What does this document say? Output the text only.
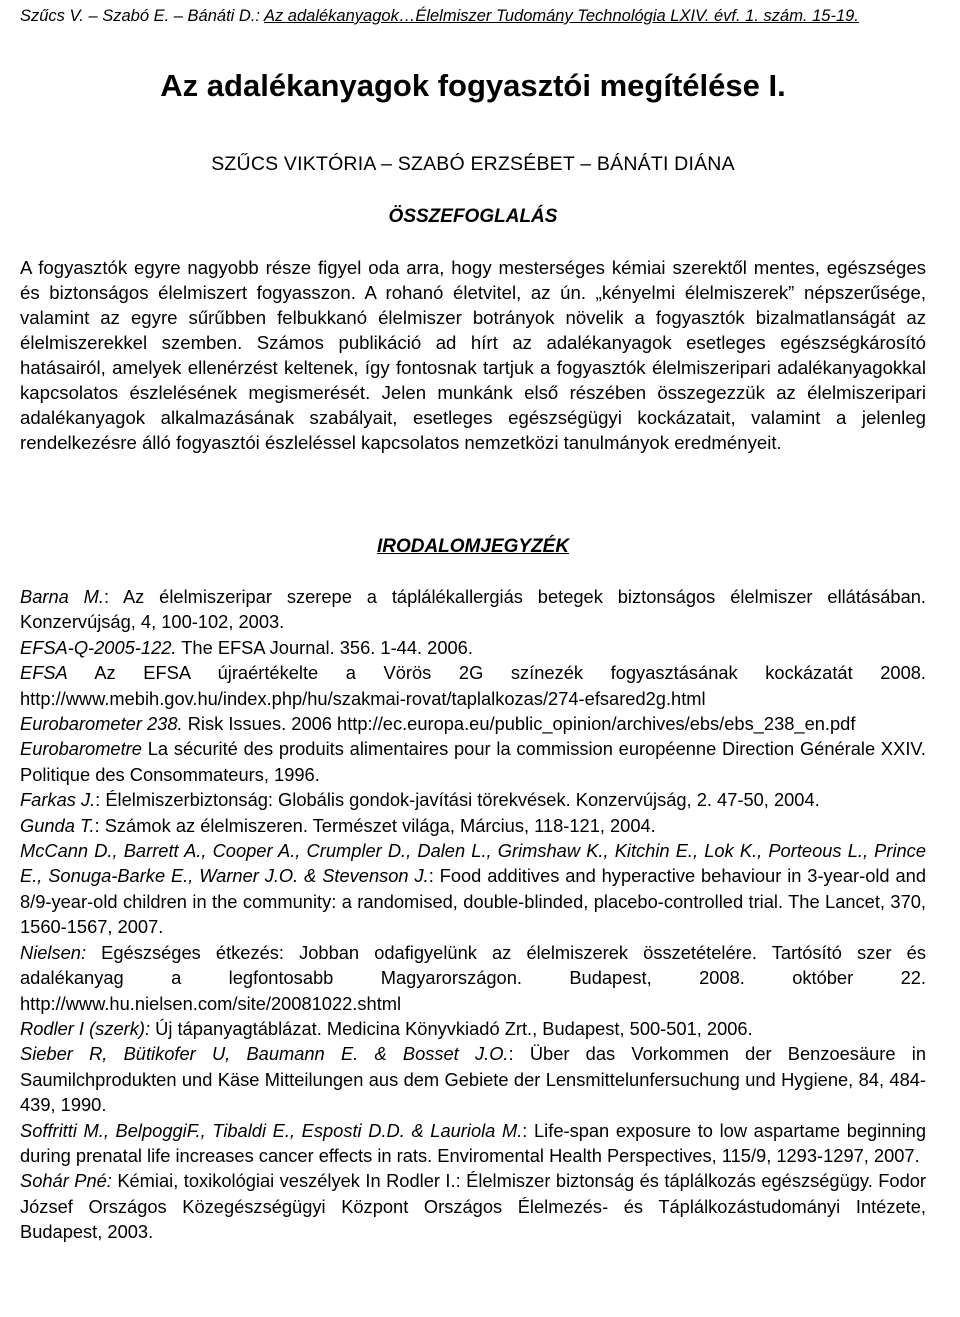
Szűcs V. – Szabó E. – Bánáti D.: Az adalékanyagok…Élelmiszer Tudomány Technológia LXIV. évf. 1. szám. 15-19.
Az adalékanyagok fogyasztói megítélése I.
SZŰCS VIKTÓRIA – SZABÓ ERZSÉBET – BÁNÁTI DIÁNA
ÖSSZEFOGLALÁS

A fogyasztók egyre nagyobb része figyel oda arra, hogy mesterséges kémiai szerektől mentes, egészséges és biztonságos élelmiszert fogyasszon. A rohanó életvitel, az ún. „kényelmi élelmiszerek” népszerűsége, valamint az egyre sűrűbben felbukkanó élelmiszer botrányok növelik a fogyasztók bizalmatlanságát az élelmiszerekkel szemben. Számos publikáció ad hírt az adalékanyagok esetleges egészségkárosító hatásairól, amelyek ellenérzést keltenek, így fontosnak tartjuk a fogyasztók élelmiszeripari adalékanyagokkal kapcsolatos észlelésének megismerését. Jelen munkánk első részében összegezzük az élelmiszeripari adalékanyagok alkalmazásának szabályait, esetleges egészségügyi kockázatait, valamint a jelenleg rendelkezésre álló fogyasztói észleléssel kapcsolatos nemzetközi tanulmányok eredményeit.

IRODALOMJEGYZÉK

Barna M.: Az élelmiszeripar szerepe a táplálékallergiás betegek biztonságos élelmiszer ellátásában. Konzervújság, 4, 100-102, 2003.

EFSA-Q-2005-122. The EFSA Journal. 356. 1-44. 2006.

EFSA Az EFSA újraértékelte a Vörös 2G színezék fogyasztásának kockázatát 2008. http://www.mebih.gov.hu/index.php/hu/szakmai-rovat/taplalkozas/274-efsared2g.html

Eurobarometer 238. Risk Issues. 2006 http://ec.europa.eu/public_opinion/archives/ebs/ebs_238_en.pdf

Eurobarometre La sécurité des produits alimentaires pour la commission européenne Direction Générale XXIV. Politique des Consommateurs, 1996.

Farkas J.: Élelmiszerbiztonság: Globális gondok-javítási törekvések. Konzervújság, 2. 47-50, 2004.

Gunda T.: Számok az élelmiszeren. Természet világa, Március, 118-121, 2004.

McCann D., Barrett A., Cooper A., Crumpler D., Dalen L., Grimshaw K., Kitchin E., Lok K., Porteous L., Prince E., Sonuga-Barke E., Warner J.O. & Stevenson J.: Food additives and hyperactive behaviour in 3-year-old and 8/9-year-old children in the community: a randomised, double-blinded, placebo-controlled trial. The Lancet, 370, 1560-1567, 2007.

Nielsen: Egészséges étkezés: Jobban odafigyelünk az élelmiszerek összetételére. Tartósító szer és adalékanyag a legfontosabb Magyarországon. Budapest, 2008. október 22. http://www.hu.nielsen.com/site/20081022.shtml

Rodler I (szerk): Új tápanyagtáblázat. Medicina Könyvkiadó Zrt., Budapest, 500-501, 2006.

Sieber R, Bütikofer U, Baumann E. & Bosset J.O.: Über das Vorkommen der Benzoesäure in Saumilchprodukten und Käse Mitteilungen aus dem Gebiete der Lensmittelunfersuchung und Hygiene, 84, 484-439, 1990.

Soffritti M., BelpoggiF., Tibaldi E., Esposti D.D. & Lauriola M.: Life-span exposure to low aspartame beginning during prenatal life increases cancer effects in rats. Enviromental Health Perspectives, 115/9, 1293-1297, 2007.

Sohár Pné: Kémiai, toxikológiai veszélyek In Rodler I.: Élelmiszer biztonság és táplálkozás egészségügy. Fodor József Országos Közegészségügyi Központ Országos Élelmezés- és Táplálkozástudományi Intézete, Budapest, 2003.
